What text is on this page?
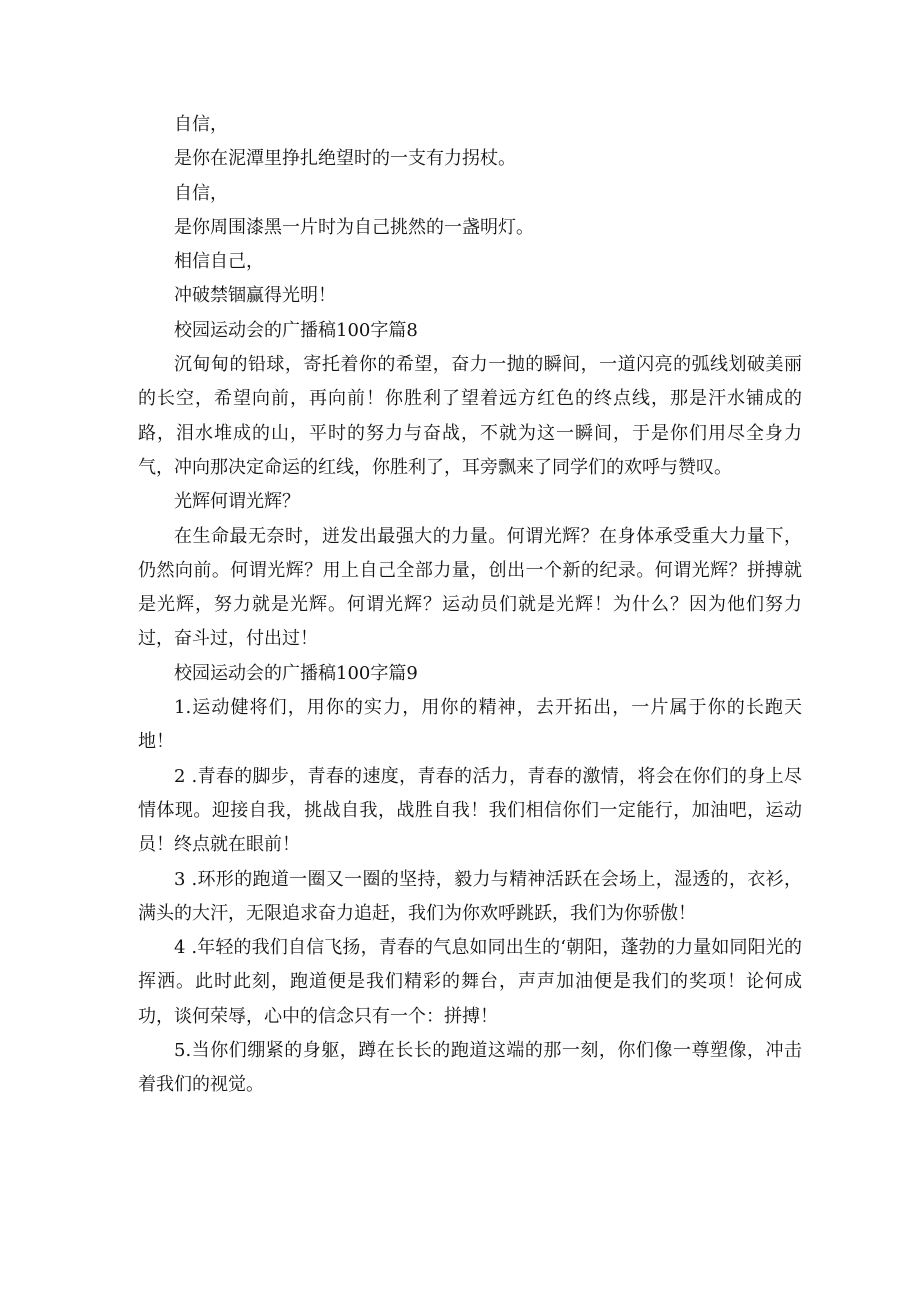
自信，

是你在泥潭里挣扎绝望时的一支有力拐杖。

自信，

是你周围漆黑一片时为自己挑然的一盏明灯。

相信自己，

冲破禁锢赢得光明！

校园运动会的广播稿100字篇8

沉甸甸的铅球，寄托着你的希望，奋力一抛的瞬间，一道闪亮的弧线划破美丽的长空，希望向前，再向前！你胜利了望着远方红色的终点线，那是汗水铺成的路，泪水堆成的山，平时的努力与奋战，不就为这一瞬间，于是你们用尽全身力气，冲向那决定命运的红线，你胜利了，耳旁飘来了同学们的欢呼与赞叹。

光辉何谓光辉？

在生命最无奈时，迸发出最强大的力量。何谓光辉？在身体承受重大力量下，仍然向前。何谓光辉？用上自己全部力量，创出一个新的纪录。何谓光辉？拼搏就是光辉，努力就是光辉。何谓光辉？运动员们就是光辉！为什么？因为他们努力过，奋斗过，付出过！

校园运动会的广播稿100字篇9

1.运动健将们，用你的实力，用你的精神，去开拓出，一片属于你的长跑天地！

2 .青春的脚步，青春的速度，青春的活力，青春的激情，将会在你们的身上尽情体现。迎接自我，挑战自我，战胜自我！我们相信你们一定能行，加油吧，运动员！终点就在眼前！

3 .环形的跑道一圈又一圈的坚持，毅力与精神活跃在会场上，湿透的，衣衫，满头的大汗，无限追求奋力追赶，我们为你欢呼跳跃，我们为你骄傲！

4 .年轻的我们自信飞扬，青春的气息如同出生的‘朝阳，蓬勃的力量如同阳光的挥洒。此时此刻，跑道便是我们精彩的舞台，声声加油便是我们的奖项！论何成功，谈何荣辱，心中的信念只有一个：拼搏！

5.当你们绷紧的身躯，蹲在长长的跑道这端的那一刻，你们像一尊塑像，冲击着我们的视觉。
